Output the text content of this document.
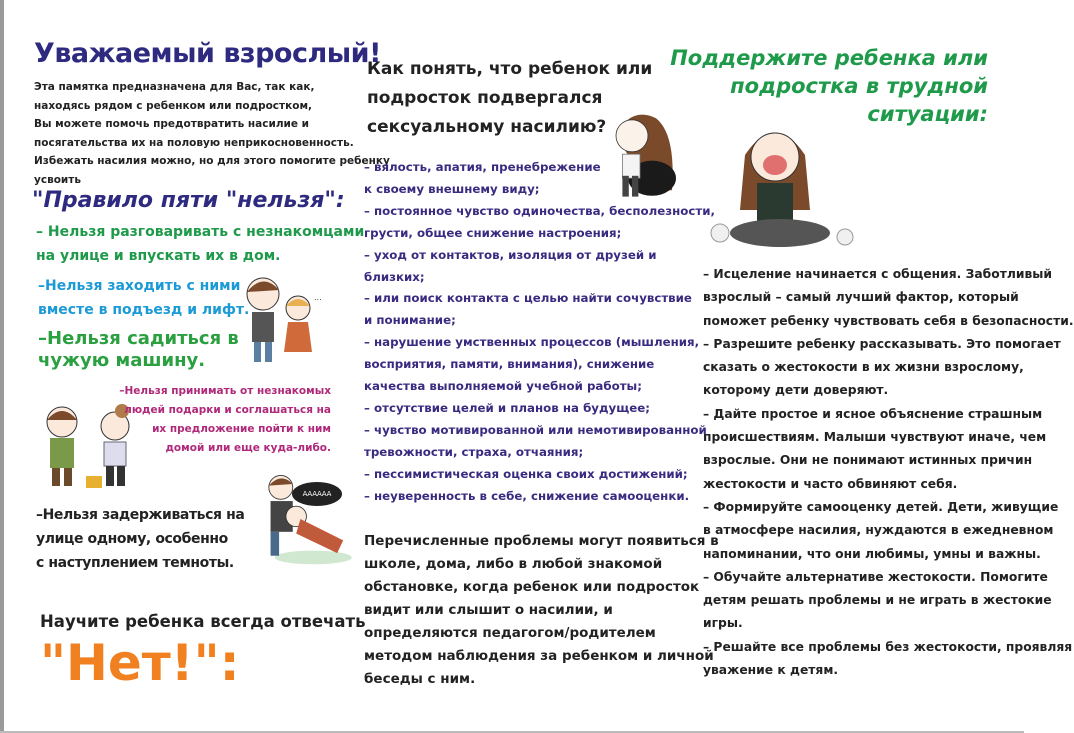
Уважаемый взрослый!
Эта памятка предназначена для Вас, так как,
находясь рядом с ребенком или подростком,
Вы можете помочь предотвратить насилие и
посягательства их на половую неприкосновенность.
Избежать насилия можно, но для этого помогите ребенку
усвоить
"Правило пяти "нельзя":
– Нельзя разговаривать с незнакомцами
на улице и впускать их в дом.
–Нельзя заходить с ними
вместе в подъезд и лифт.
–Нельзя садиться в
чужую машину.
–Нельзя принимать от незнакомых
людей подарки и соглашаться на
их предложение пойти к ним
домой или еще куда-либо.
–Нельзя задерживаться на
улице одному, особенно
с наступлением темноты.
Научите ребенка всегда отвечать
"Нет!":
...
АААААА
Как понять, что ребенок или
подросток подвергался
сексуальному насилию?
– вялость, апатия, пренебрежение
к своему внешнему виду;
– постоянное чувство одиночества, бесполезности,
грусти, общее снижение настроения;
– уход от контактов, изоляция от друзей и
близких;
– или поиск контакта с целью найти сочувствие
и понимание;
– нарушение умственных процессов (мышления,
восприятия, памяти, внимания), снижение
качества выполняемой учебной работы;
– отсутствие целей и планов на будущее;
– чувство мотивированной или немотивированной
тревожности, страха, отчаяния;
– пессимистическая оценка своих достижений;
– неуверенность в себе, снижение самооценки.
Перечисленные проблемы могут появиться в
школе, дома, либо в любой знакомой
обстановке, когда ребенок или подросток
видит или слышит о насилии, и
определяются педагогом/родителем
методом наблюдения за ребенком и личной
беседы с ним.
Поддержите ребенка или
подростка в трудной
ситуации:
– Исцеление начинается с общения. Заботливый
взрослый – самый лучший фактор, который
поможет ребенку чувствовать себя в безопасности.
– Разрешите ребенку рассказывать. Это помогает
сказать о жестокости в их жизни взрослому,
которому дети доверяют.
– Дайте простое и ясное объяснение страшным
происшествиям. Малыши чувствуют иначе, чем
взрослые. Они не понимают истинных причин
жестокости и часто обвиняют себя.
– Формируйте самооценку детей. Дети, живущие
в атмосфере насилия, нуждаются в ежедневном
напоминании, что они любимы, умны и важны.
– Обучайте альтернативе жестокости. Помогите
детям решать проблемы и не играть в жестокие
игры.
– Решайте все проблемы без жестокости, проявляя
уважение к детям.
